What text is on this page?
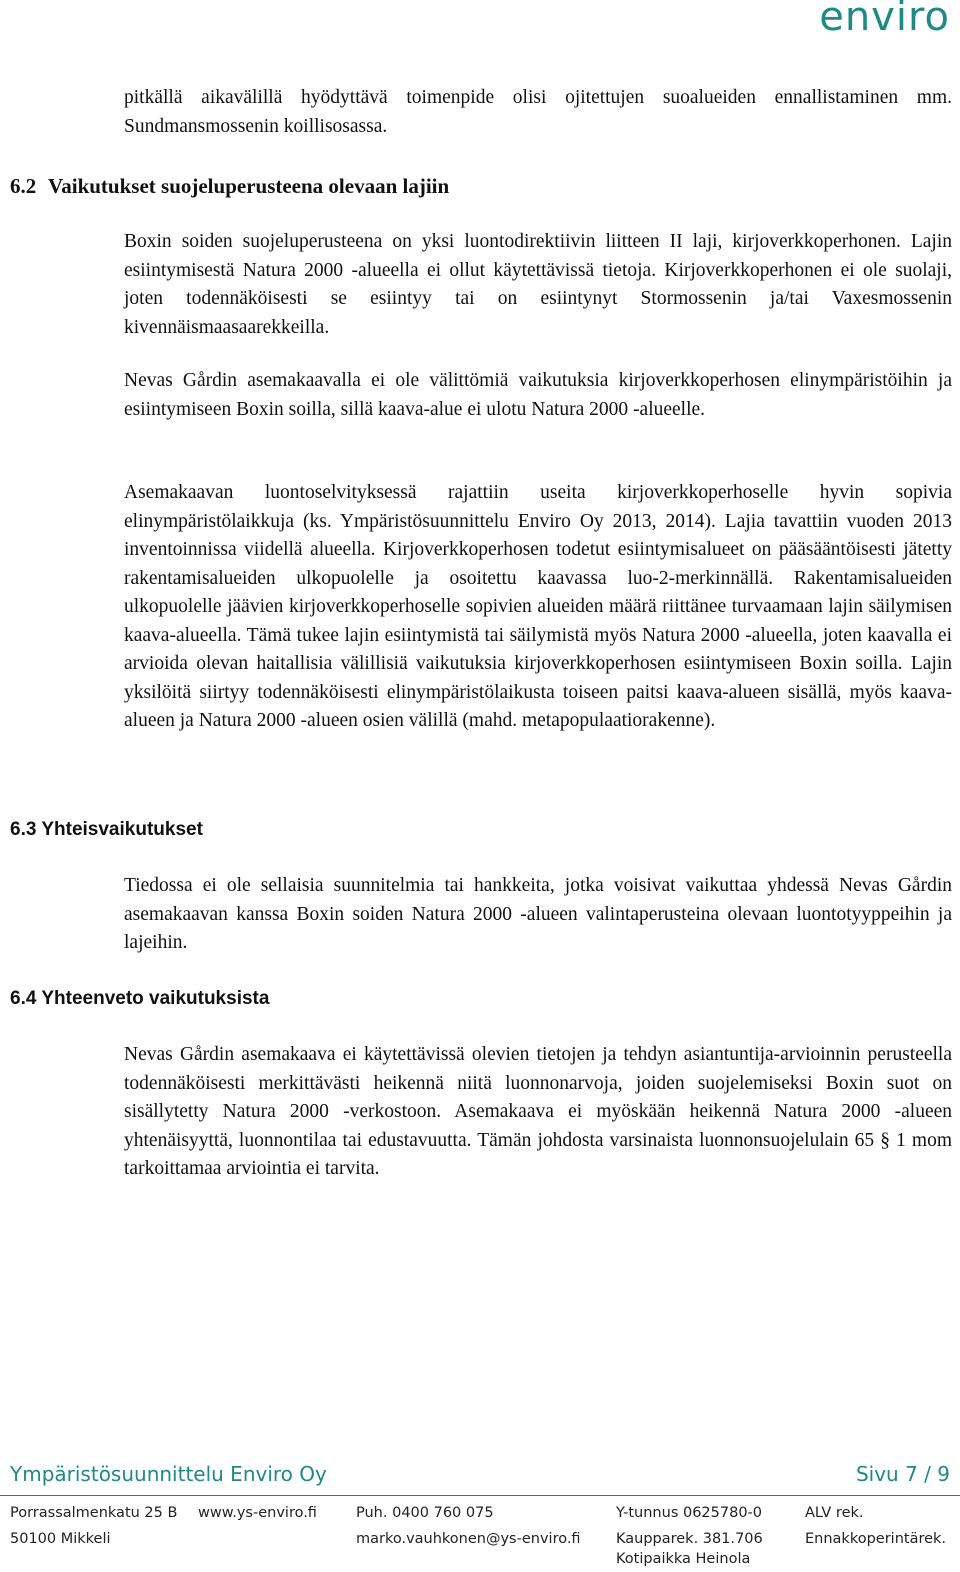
enviro

pitkällä aikavälillä hyödyttävä toimenpide olisi ojitettujen suoalueiden ennallistaminen mm. Sundmansmossenin koillisosassa.

6.2 Vaikutukset suojeluperusteena olevaan lajiin

Boxin soiden suojeluperusteena on yksi luontodirektiivin liitteen II laji, kirjoverkkoperhonen. Lajin esiintymisestä Natura 2000 -alueella ei ollut käytettävissä tietoja. Kirjoverkkoperhonen ei ole suolaji, joten todennäköisesti se esiintyy tai on esiintynyt Stormossenin ja/tai Vaxesmossenin kivennäismaasaarekkeilla.

Nevas Gårdin asemakaavalla ei ole välittömiä vaikutuksia kirjoverkkoperhosen elinympäristöihin ja esiintymiseen Boxin soilla, sillä kaava-alue ei ulotu Natura 2000 -alueelle.

Asemakaavan luontoselvityksessä rajattiin useita kirjoverkkoperhoselle hyvin sopivia elinympäristölaikkuja (ks. Ympäristösuunnittelu Enviro Oy 2013, 2014). Lajia tavattiin vuoden 2013 inventoinnissa viidellä alueella. Kirjoverkkoperhosen todetut esiintymisalueet on pääsääntöisesti jätetty rakentamisalueiden ulkopuolelle ja osoitettu kaavassa luo-2-merkinnällä. Rakentamisalueiden ulkopuolelle jäävien kirjoverkkoperhoselle sopivien alueiden määrä riittänee turvaamaan lajin säilymisen kaava-alueella. Tämä tukee lajin esiintymistä tai säilymistä myös Natura 2000 -alueella, joten kaavalla ei arvioida olevan haitallisia välillisiä vaikutuksia kirjoverkkoperhosen esiintymiseen Boxin soilla. Lajin yksilöitä siirtyy todennäköisesti elinympäristölaikusta toiseen paitsi kaava-alueen sisällä, myös kaava-alueen ja Natura 2000 -alueen osien välillä (mahd. metapopulaatiorakenne).

6.3 Yhteisvaikutukset

Tiedossa ei ole sellaisia suunnitelmia tai hankkeita, jotka voisivat vaikuttaa yhdessä Nevas Gårdin asemakaavan kanssa Boxin soiden Natura 2000 -alueen valintaperusteina olevaan luontotyyppeihin ja lajeihin.

6.4 Yhteenveto vaikutuksista

Nevas Gårdin asemakaava ei käytettävissä olevien tietojen ja tehdyn asiantuntija-arvioinnin perusteella todennäköisesti merkittävästi heikennä niitä luonnonarvoja, joiden suojelemiseksi Boxin suot on sisällytetty Natura 2000 -verkostoon. Asemakaava ei myöskään heikennä Natura 2000 -alueen yhtenäisyyttä, luonnontilaa tai edustavuutta. Tämän johdosta varsinaista luonnonsuojelulain 65 § 1 mom tarkoittamaa arviointia ei tarvita.

Ympäristösuunnittelu Enviro Oy	Sivu 7 / 9
Porrassalmenkatu 25 B
50100 Mikkeli
www.ys-enviro.fi	Puh. 0400 760 075
marko.vauhkonen@ys-enviro.fi
Y-tunnus 0625780-0
Kaupparek. 381.706
Kotipaikka Heinola
ALV rek.
Ennakkoperintärek.
